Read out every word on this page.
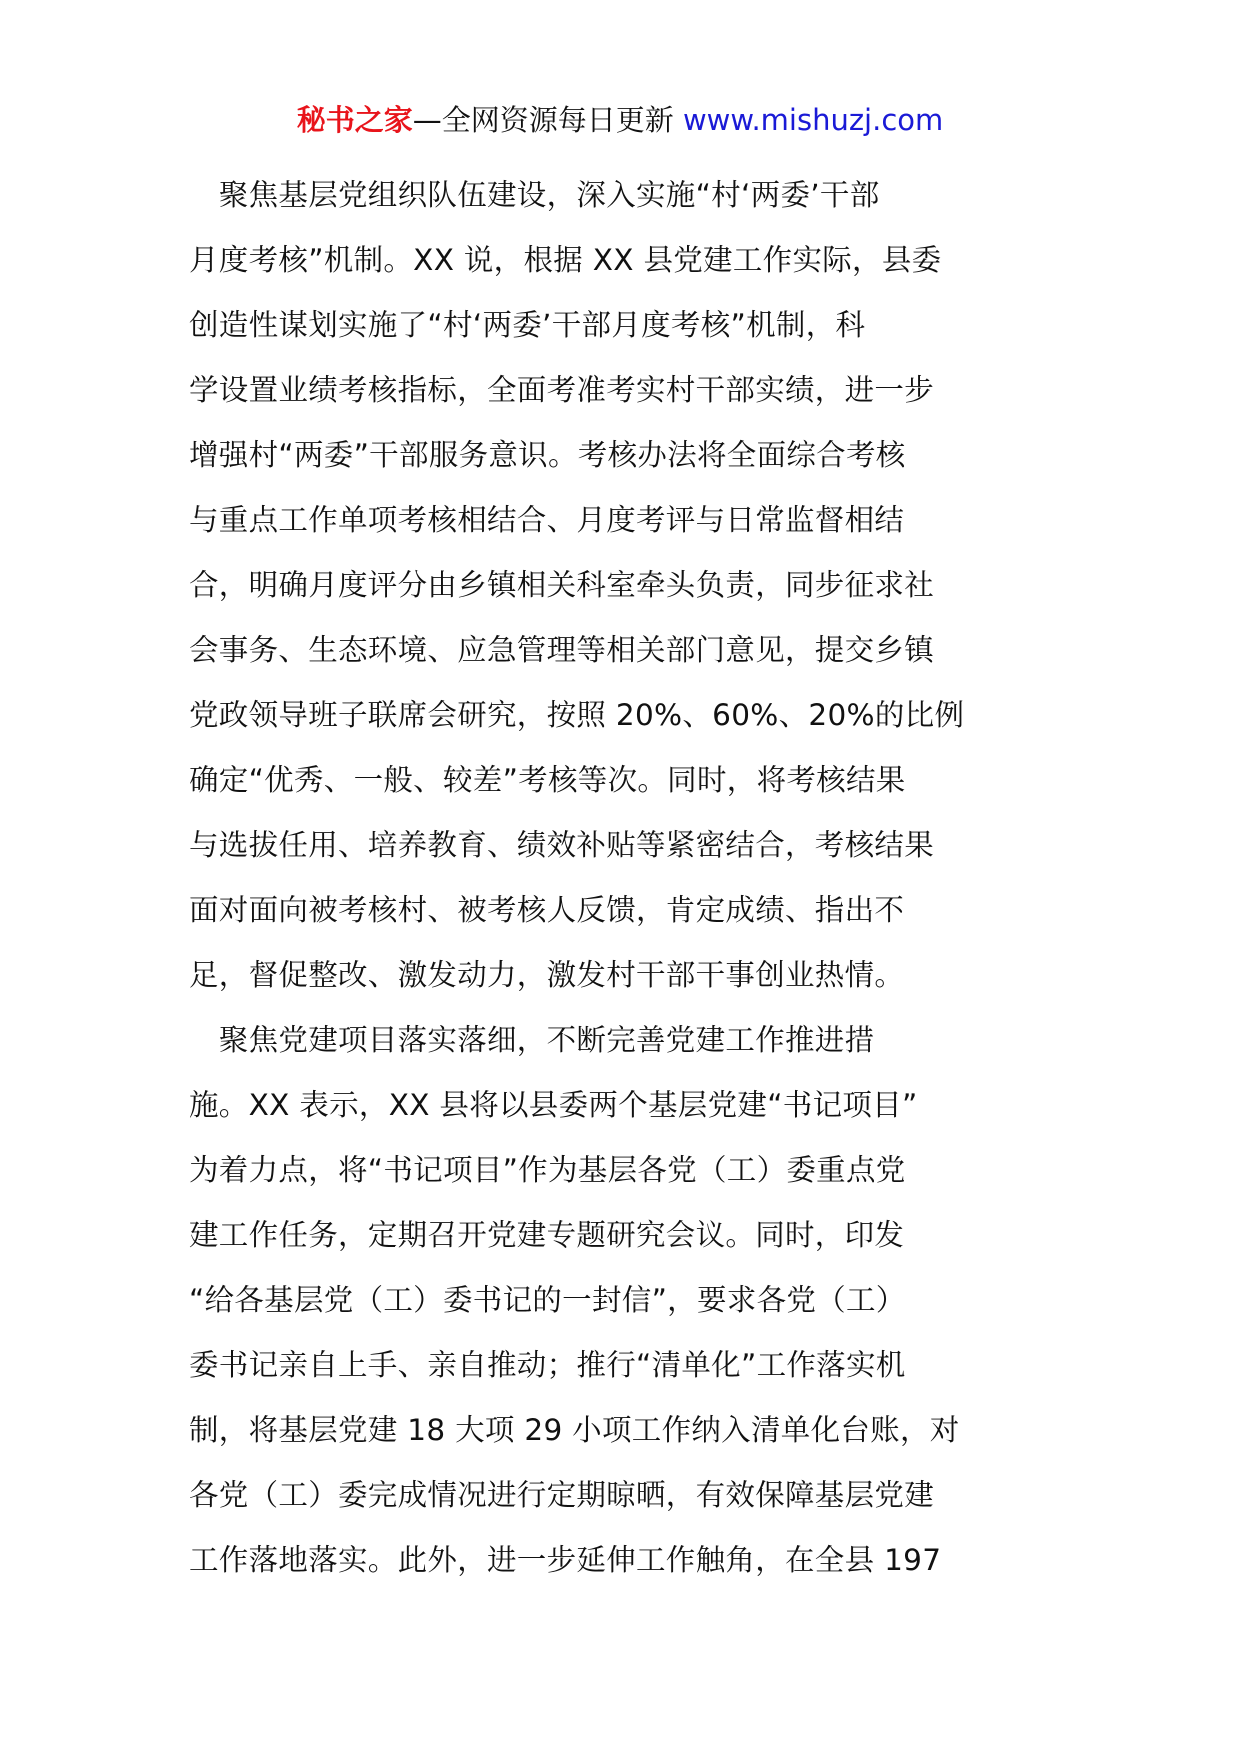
秘书之家—全网资源每日更新 www.mishuzj.com
　聚焦基层党组织队伍建设，深入实施“村‘两委’干部
月度考核”机制。XX 说，根据 XX 县党建工作实际，县委
创造性谋划实施了“村‘两委’干部月度考核”机制，科
学设置业绩考核指标，全面考准考实村干部实绩，进一步
增强村“两委”干部服务意识。考核办法将全面综合考核
与重点工作单项考核相结合、月度考评与日常监督相结
合，明确月度评分由乡镇相关科室牵头负责，同步征求社
会事务、生态环境、应急管理等相关部门意见，提交乡镇
党政领导班子联席会研究，按照 20%、60%、20%的比例
确定“优秀、一般、较差”考核等次。同时，将考核结果
与选拔任用、培养教育、绩效补贴等紧密结合，考核结果
面对面向被考核村、被考核人反馈，肯定成绩、指出不
足，督促整改、激发动力，激发村干部干事创业热情。
　聚焦党建项目落实落细，不断完善党建工作推进措
施。XX 表示，XX 县将以县委两个基层党建“书记项目”
为着力点，将“书记项目”作为基层各党（工）委重点党
建工作任务，定期召开党建专题研究会议。同时，印发
“给各基层党（工）委书记的一封信”，要求各党（工）
委书记亲自上手、亲自推动；推行“清单化”工作落实机
制，将基层党建 18 大项 29 小项工作纳入清单化台账，对
各党（工）委完成情况进行定期晾晒，有效保障基层党建
工作落地落实。此外，进一步延伸工作触角，在全县 197
